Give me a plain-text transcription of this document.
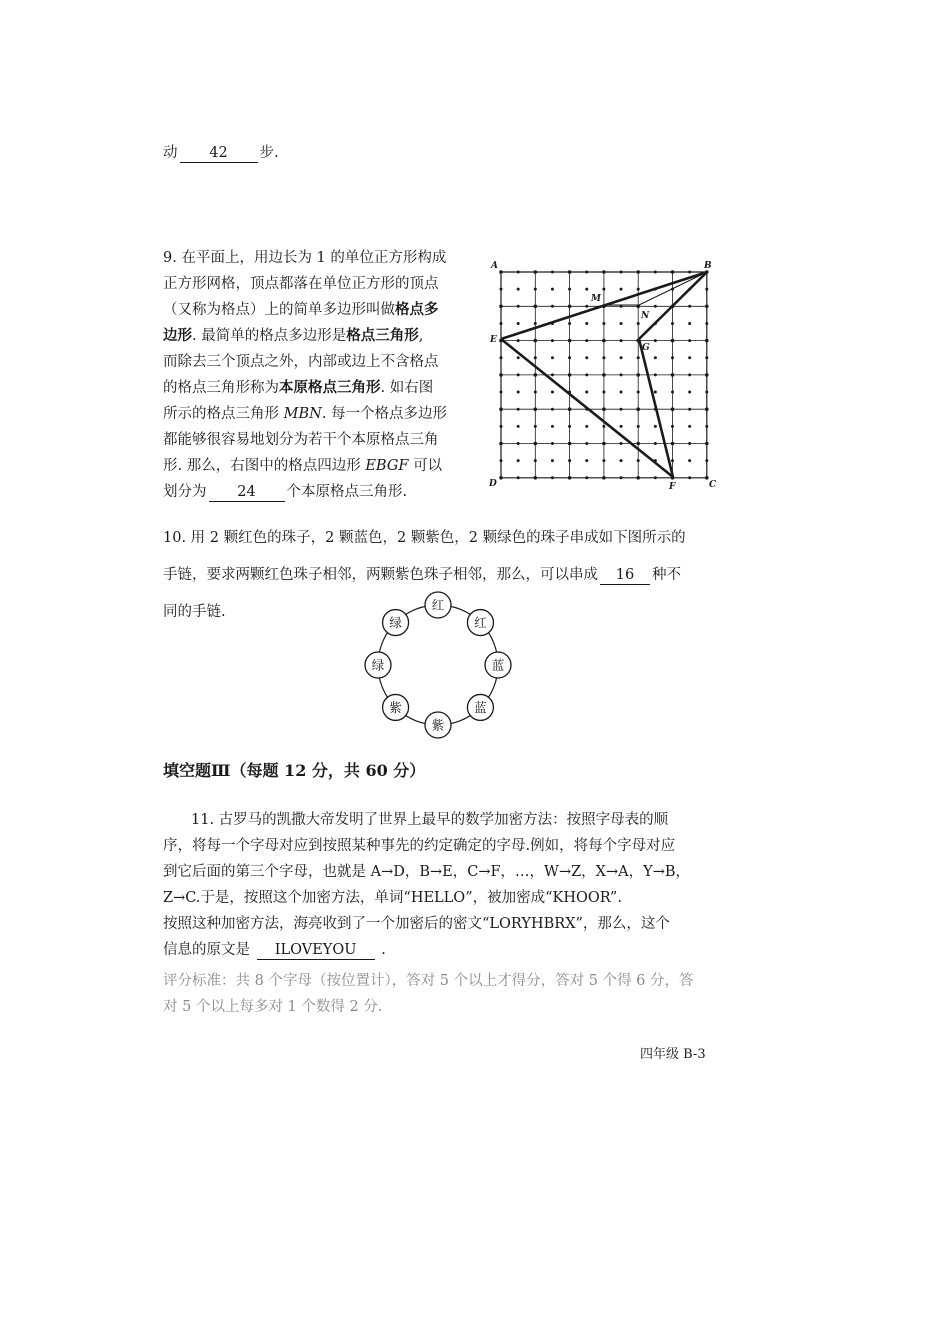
动 42 步.
9. 在平面上，用边长为 1 的单位正方形构成
正方形网格，顶点都落在单位正方形的顶点
（又称为格点）上的简单多边形叫做格点多
边形. 最简单的格点多边形是格点三角形,
而除去三个顶点之外，内部或边上不含格点
的格点三角形称为本原格点三角形. 如右图
所示的格点三角形 MBN. 每一个格点多边形
都能够很容易地划分为若干个本原格点三角
形. 那么，右图中的格点四边形 EBGF 可以
划分为 24 个本原格点三角形.
A	B
C
D
E
F
G
M
N
10. 用 2 颗红色的珠子，2 颗蓝色，2 颗紫色，2 颗绿色的珠子串成如下图所示的
手链，要求两颗红色珠子相邻，两颗紫色珠子相邻，那么，可以串成 16 种不
同的手链.	红
红
蓝
蓝
紫
紫
绿
绿
填空题Ⅲ（每题 12 分，共 60 分）
11. 古罗马的凯撒大帝发明了世界上最早的数学加密方法：按照字母表的顺
序，将每一个字母对应到按照某种事先的约定确定的字母.例如，将每个字母对应
到它后面的第三个字母，也就是 A→D，B→E，C→F，…，W→Z，X→A，Y→B，
Z→C.于是，按照这个加密方法，单词“HELLO”，被加密成“KHOOR”.
按照这种加密方法，海亮收到了一个加密后的密文“LORYHBRX”，那么，这个
信息的原文是 ILOVEYOU .
评分标准：共 8 个字母（按位置计），答对 5 个以上才得分，答对 5 个得 6 分，答
对 5 个以上每多对 1 个数得 2 分.
四年级 B-3
